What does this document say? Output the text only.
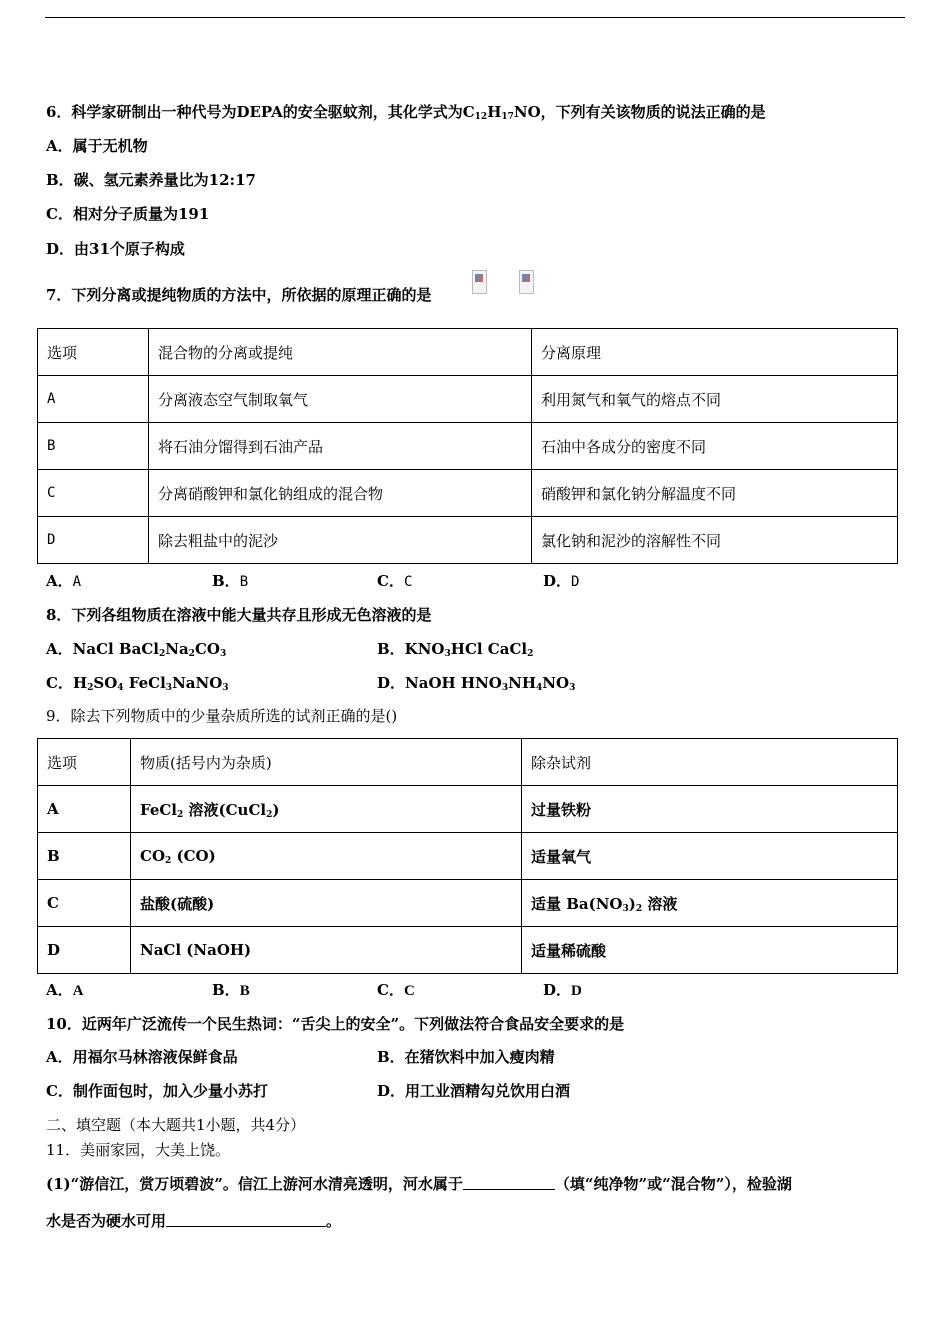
6．科学家研制出一种代号为DEPA的安全驱蚊剂，其化学式为$C_{12}H_{17}NO$，下列有关该物质的说法正确的是
A．属于无机物
B．碳、氢元素养量比为12:17
C．相对分子质量为191
D．由31个原子构成
7．下列分离或提纯物质的方法中，所依据的原理正确的是
选项	混合物的分离或提纯	分离原理
A	分离液态空气制取氧气	利用氮气和氧气的熔点不同
B	将石油分馏得到石油产品	石油中各成分的密度不同
C	分离硝酸钾和氯化钠组成的混合物	硝酸钾和氯化钠分解温度不同
D	除去粗盐中的泥沙	氯化钠和泥沙的溶解性不同
A．A	B．B	C．C	D．D
8．下列各组物质在溶液中能大量共存且形成无色溶液的是
A．NaCl $BaCl_2Na_2CO_3$	B．$KNO_3HCl$ CaCl$_2$
C．$H_2SO_4$ FeCl$_3$NaNO$_3$	D．NaOH $HNO_3NH_4NO_3$
9．除去下列物质中的少量杂质所选的试剂正确的是()
选项	物质(括号内为杂质)	除杂试剂
A	FeCl$_2$ 溶液(CuCl$_2$)	过量铁粉
B	$CO_2$ (CO)	适量氧气
C	盐酸(硫酸)	适量 $Ba(NO_3)_2$ 溶液
D	NaCl (NaOH)	适量稀硫酸
A．A	B．B	C．C	D．D
10．近两年广泛流传一个民生热词：“舌尖上的安全”。下列做法符合食品安全要求的是
A．用福尔马林溶液保鲜食品	B．在猪饮料中加入瘦肉精
C．制作面包时，加入少量小苏打	D．用工业酒精勾兑饮用白酒
二、填空题（本大题共1小题，共4分）
11．美丽家园，大美上饶。
(1)“游信江，赏万顷碧波”。信江上游河水清亮透明，河水属于	（填“纯净物”或“混合物”），检验湖
水是否为硬水可用	。
